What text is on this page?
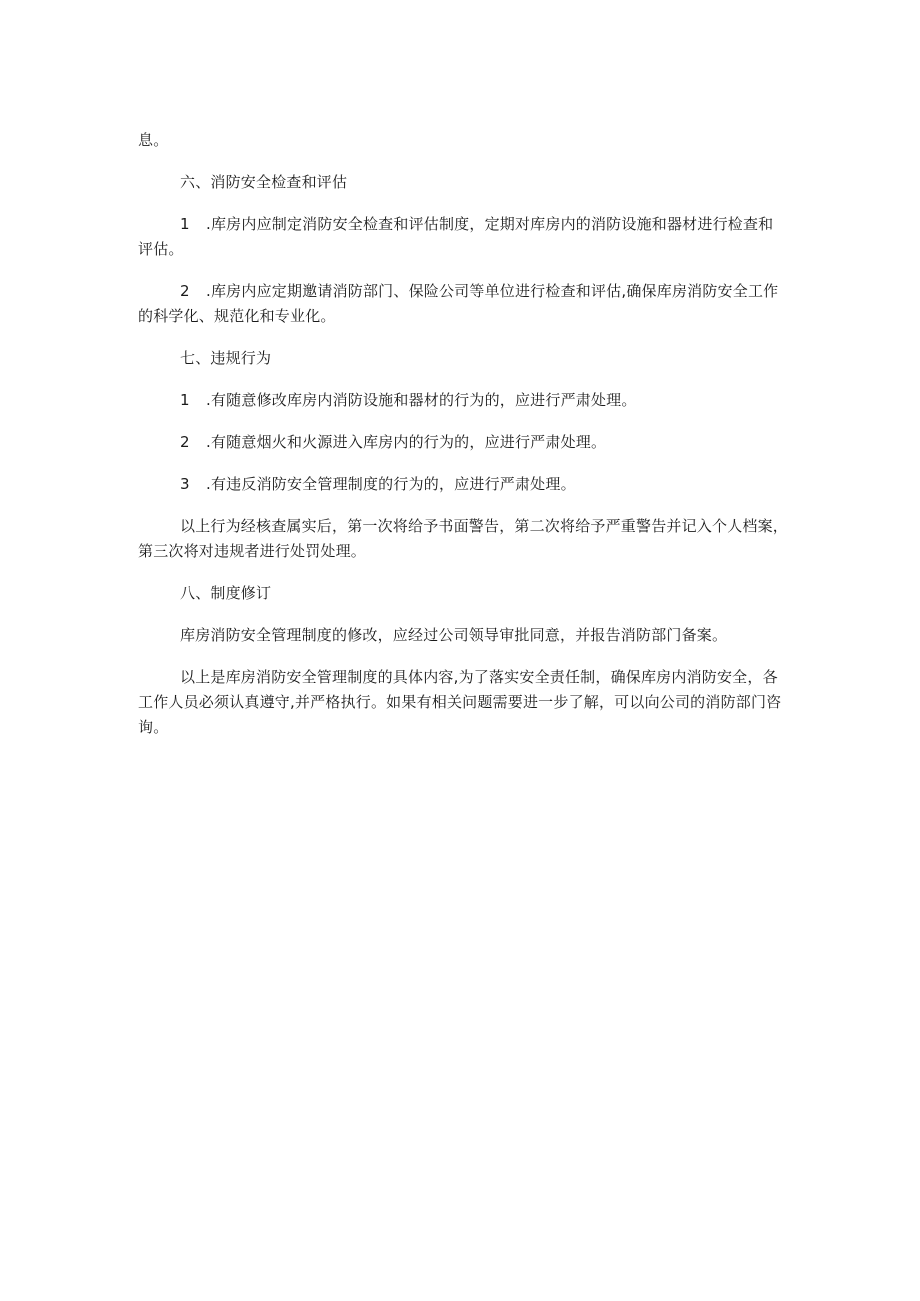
息。

六、消防安全检查和评估

1 .库房内应制定消防安全检查和评估制度，定期对库房内的消防设施和器材进行检查和评估。

2 .库房内应定期邀请消防部门、保险公司等单位进行检查和评估,确保库房消防安全工作的科学化、规范化和专业化。

七、违规行为

1 .有随意修改库房内消防设施和器材的行为的，应进行严肃处理。

2 .有随意烟火和火源进入库房内的行为的，应进行严肃处理。

3 .有违反消防安全管理制度的行为的，应进行严肃处理。

以上行为经核查属实后，第一次将给予书面警告，第二次将给予严重警告并记入个人档案，第三次将对违规者进行处罚处理。

八、制度修订

库房消防安全管理制度的修改，应经过公司领导审批同意，并报告消防部门备案。

以上是库房消防安全管理制度的具体内容,为了落实安全责任制，确保库房内消防安全，各工作人员必须认真遵守,并严格执行。如果有相关问题需要进一步了解，可以向公司的消防部门咨询。
